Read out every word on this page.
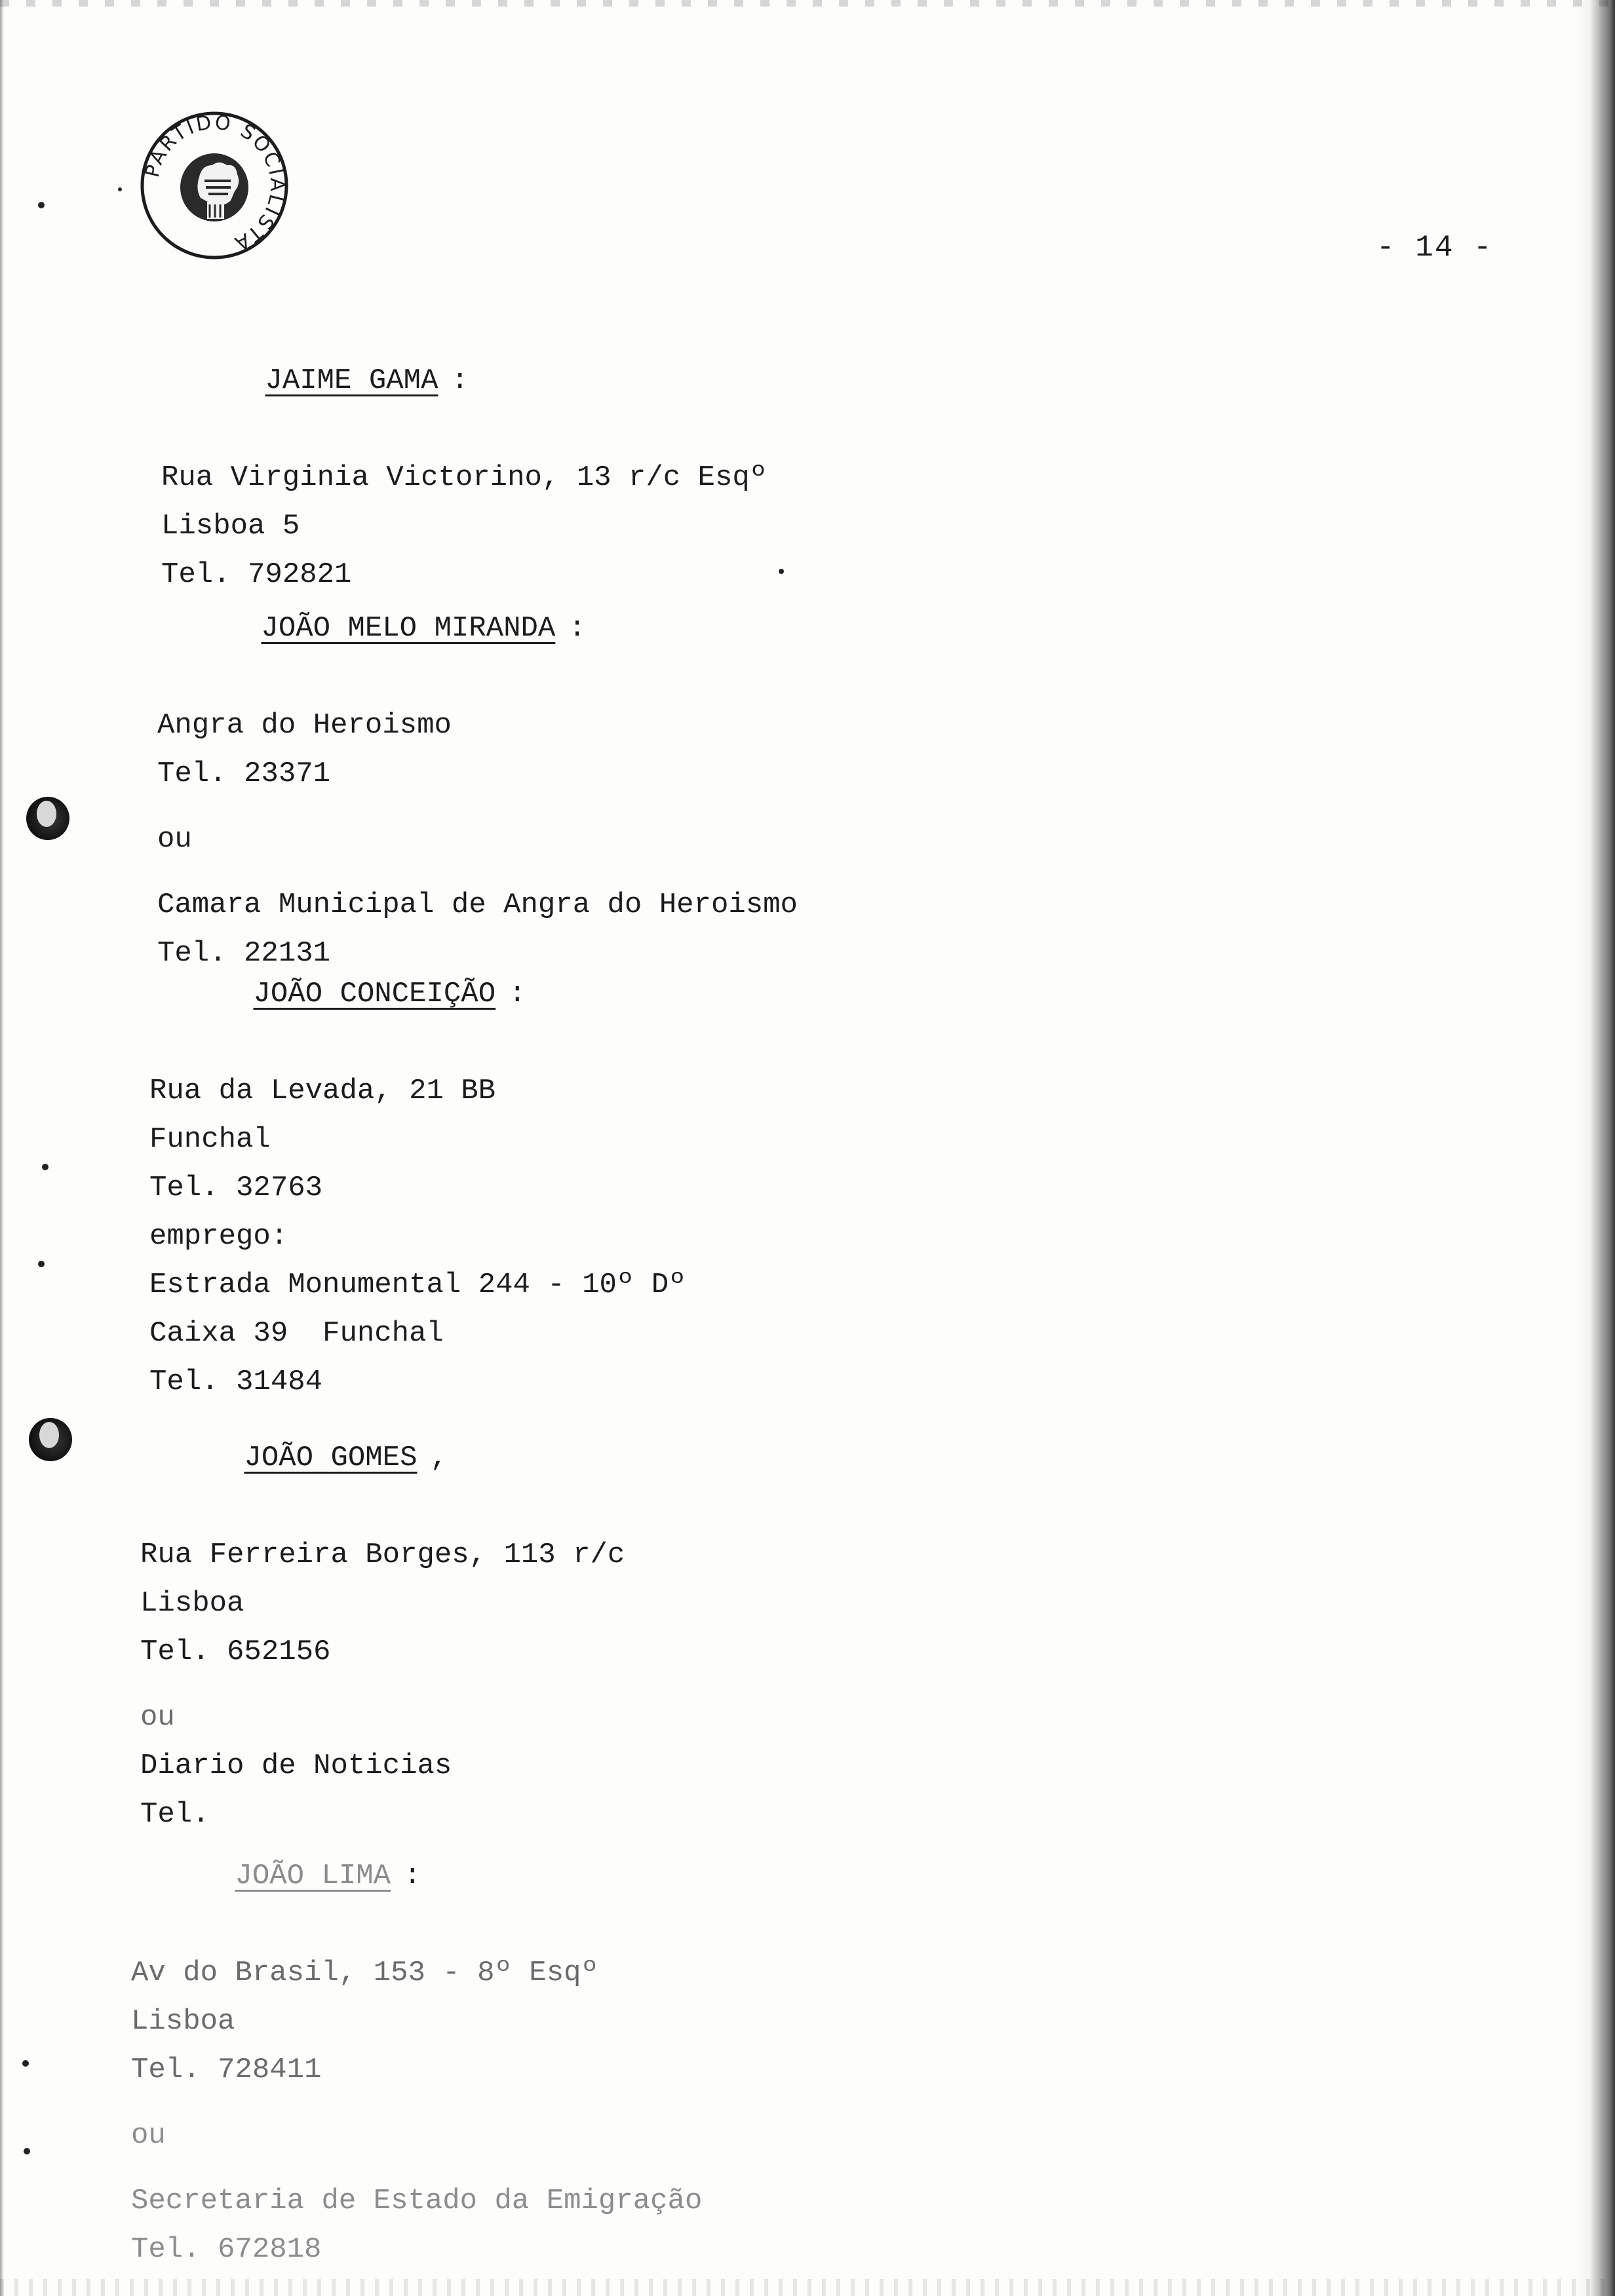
PARTIDO SOCIALISTA	- 14 -

JAIME GAMA :

Rua Virginia Victorino, 13 r/c Esqº
Lisboa 5
Tel. 792821

JOÃO MELO MIRANDA :

Angra do Heroismo
Tel. 23371
ou
Camara Municipal de Angra do Heroismo
Tel. 22131

JOÃO CONCEIÇÃO :

Rua da Levada, 21 BB
Funchal
Tel. 32763
emprego:
Estrada Monumental 244 - 10º Dº
Caixa 39  Funchal
Tel. 31484

JOÃO GOMES ,

Rua Ferreira Borges, 113 r/c
Lisboa
Tel. 652156
ou
Diario de Noticias
Tel.

JOÃO LIMA :

Av do Brasil, 153 - 8º Esqº
Lisboa
Tel. 728411
ou
Secretaria de Estado da Emigração
Tel. 672818
